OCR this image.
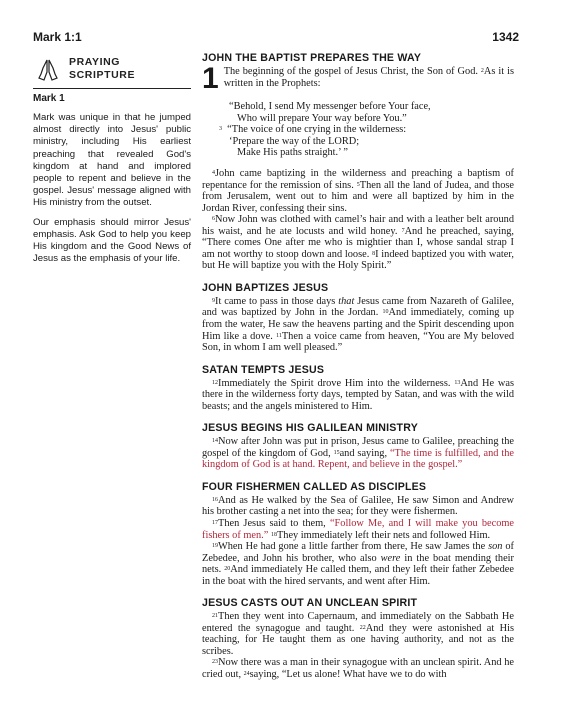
Mark 1:1	1342
PRAYING SCRIPTURE
Mark 1

Mark was unique in that he jumped almost directly into Jesus' public ministry, including His earliest preaching that revealed God's kingdom at hand and implored people to repent and believe in the gospel. Jesus' message aligned with His ministry from the outset.

Our emphasis should mirror Jesus' emphasis. Ask God to help you keep His kingdom and the Good News of Jesus as the emphasis of your life.

JOHN THE BAPTIST PREPARES THE WAY
1 The beginning of the gospel of Jesus Christ, the Son of God. $^2$As it is written in the Prophets:

“Behold, I send My messenger before Your face,
Who will prepare Your way before You.”
$^3$ “The voice of one crying in the wilderness:
‘Prepare the way of the LORD;
Make His paths straight.’ ”

$^4$John came baptizing in the wilderness and preaching a baptism of repentance for the remission of sins. $^5$Then all the land of Judea, and those from Jerusalem, went out to him and were all baptized by him in the Jordan River, confessing their sins.

$^6$Now John was clothed with camel’s hair and with a leather belt around his waist, and he ate locusts and wild honey. $^7$And he preached, saying, “There comes One after me who is mightier than I, whose sandal strap I am not worthy to stoop down and loose. $^8$I indeed baptized you with water, but He will baptize you with the Holy Spirit.”

JOHN BAPTIZES JESUS

$^9$It came to pass in those days that Jesus came from Nazareth of Galilee, and was baptized by John in the Jordan. $^{10}$And immediately, coming up from the water, He saw the heavens parting and the Spirit descending upon Him like a dove. $^{11}$Then a voice came from heaven, “You are My beloved Son, in whom I am well pleased.”

SATAN TEMPTS JESUS

$^{12}$Immediately the Spirit drove Him into the wilderness. $^{13}$And He was there in the wilderness forty days, tempted by Satan, and was with the wild beasts; and the angels ministered to Him.

JESUS BEGINS HIS GALILEAN MINISTRY

$^{14}$Now after John was put in prison, Jesus came to Galilee, preaching the gospel of the kingdom of God, $^{15}$and saying, “The time is fulfilled, and the kingdom of God is at hand. Repent, and believe in the gospel.”

FOUR FISHERMEN CALLED AS DISCIPLES

$^{16}$And as He walked by the Sea of Galilee, He saw Simon and Andrew his brother casting a net into the sea; for they were fishermen.

$^{17}$Then Jesus said to them, “Follow Me, and I will make you become fishers of men.” $^{18}$They immediately left their nets and followed Him.

$^{19}$When He had gone a little farther from there, He saw James the son of Zebedee, and John his brother, who also were in the boat mending their nets. $^{20}$And immediately He called them, and they left their father Zebedee in the boat with the hired servants, and went after Him.

JESUS CASTS OUT AN UNCLEAN SPIRIT

$^{21}$Then they went into Capernaum, and immediately on the Sabbath He entered the synagogue and taught. $^{22}$And they were astonished at His teaching, for He taught them as one having authority, and not as the scribes.

$^{23}$Now there was a man in their synagogue with an unclean spirit. And he cried out, $^{24}$saying, “Let us alone! What have we to do with
